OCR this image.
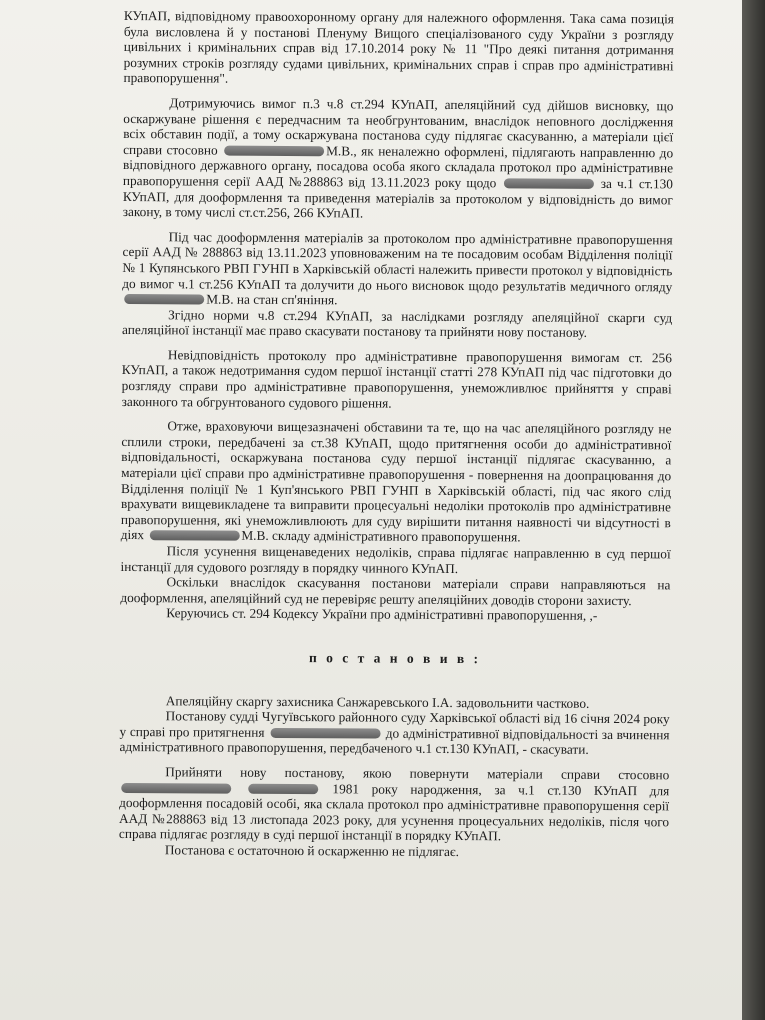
КУпАП, відповідному правоохоронному органу для належного оформлення. Така сама позиція була висловлена й у постанові Пленуму Вищого спеціалізованого суду України з розгляду цивільних і кримінальних справ від 17.10.2014 року № 11 "Про деякі питання дотримання розумних строків розгляду судами цивільних, кримінальних справ і справ про адміністративні правопорушення".

Дотримуючись вимог п.3 ч.8 ст.294 КУпАП, апеляційний суд дійшов висновку, що оскаржуване рішення є передчасним та необгрунтованим, внаслідок неповного дослідження всіх обставин події, а тому оскаржувана постанова суду підлягає скасуванню, а матеріали цієї справи стосовно	М.В., як неналежно оформлені, підлягають направленню до відповідного державного органу, посадова особа якого складала протокол про адміністративне правопорушення серії ААД №288863 від 13.11.2023 року щодо	за ч.1 ст.130 КУпАП, для дооформлення та приведення матеріалів за протоколом у відповідність до вимог закону, в тому числі ст.ст.256, 266 КУпАП.

Під час дооформлення матеріалів за протоколом про адміністративне правопорушення серії ААД № 288863 від 13.11.2023 уповноваженим на те посадовим особам Відділення поліції № 1 Купянського РВП ГУНП в Харківській області належить привести протокол у відповідність до вимог ч.1 ст.256 КУпАП та долучити до нього висновок щодо результатів медичного огляду М.В. на стан сп'яніння.

Згідно норми ч.8 ст.294 КУпАП, за наслідками розгляду апеляційної скарги суд апеляційної інстанції має право скасувати постанову та прийняти нову постанову.

Невідповідність протоколу про адміністративне правопорушення вимогам ст. 256 КУпАП, а також недотримання судом першої інстанції статті 278 КУпАП під час підготовки до розгляду справи про адміністративне правопорушення, унеможливлює прийняття у справі законного та обгрунтованого судового рішення.

Отже, враховуючи вищезазначені обставини та те, що на час апеляційного розгляду не сплили строки, передбачені за ст.38 КУпАП, щодо притягнення особи до адміністративної відповідальності, оскаржувана постанова суду першої інстанції підлягає скасуванню, а матеріали цієї справи про адміністративне правопорушення - повернення на доопрацювання до Відділення поліції № 1 Куп'янського РВП ГУНП в Харківській області, під час якого слід врахувати вищевикладене та виправити процесуальні недоліки протоколів про адміністративне правопорушення, які унеможливлюють для суду вирішити питання наявності чи відсутності в діях	М.В. складу адміністративного правопорушення.

Після усунення вищенаведених недоліків, справа підлягає направленню в суд першої інстанції для судового розгляду в порядку чинного КУпАП.

Оскільки внаслідок скасування постанови матеріали справи направляються на дооформлення, апеляційний суд не перевіряє решту апеляційних доводів сторони захисту.

Керуючись ст. 294 Кодексу України про адміністративні правопорушення, ,-

п о с т а н о в и в :

Апеляційну скаргу захисника Санжаревського І.А. задовольнити частково.

Постанову судді Чугуївського районного суду Харківської області від 16 січня 2024 року у справі про притягнення	до адміністративної відповідальності за вчинення адміністративного правопорушення, передбаченого ч.1 ст.130 КУпАП, - скасувати.

Прийняти нову постанову, якою повернути матеріали справи стосовно   1981 року народження, за ч.1 ст.130 КУпАП для дооформлення посадовій особі, яка склала протокол про адміністративне правопорушення серії ААД №288863 від 13 листопада 2023 року, для усунення процесуальних недоліків, після чого справа підлягає розгляду в суді першої інстанції в порядку КУпАП.

Постанова є остаточною й оскарженню не підлягає.
